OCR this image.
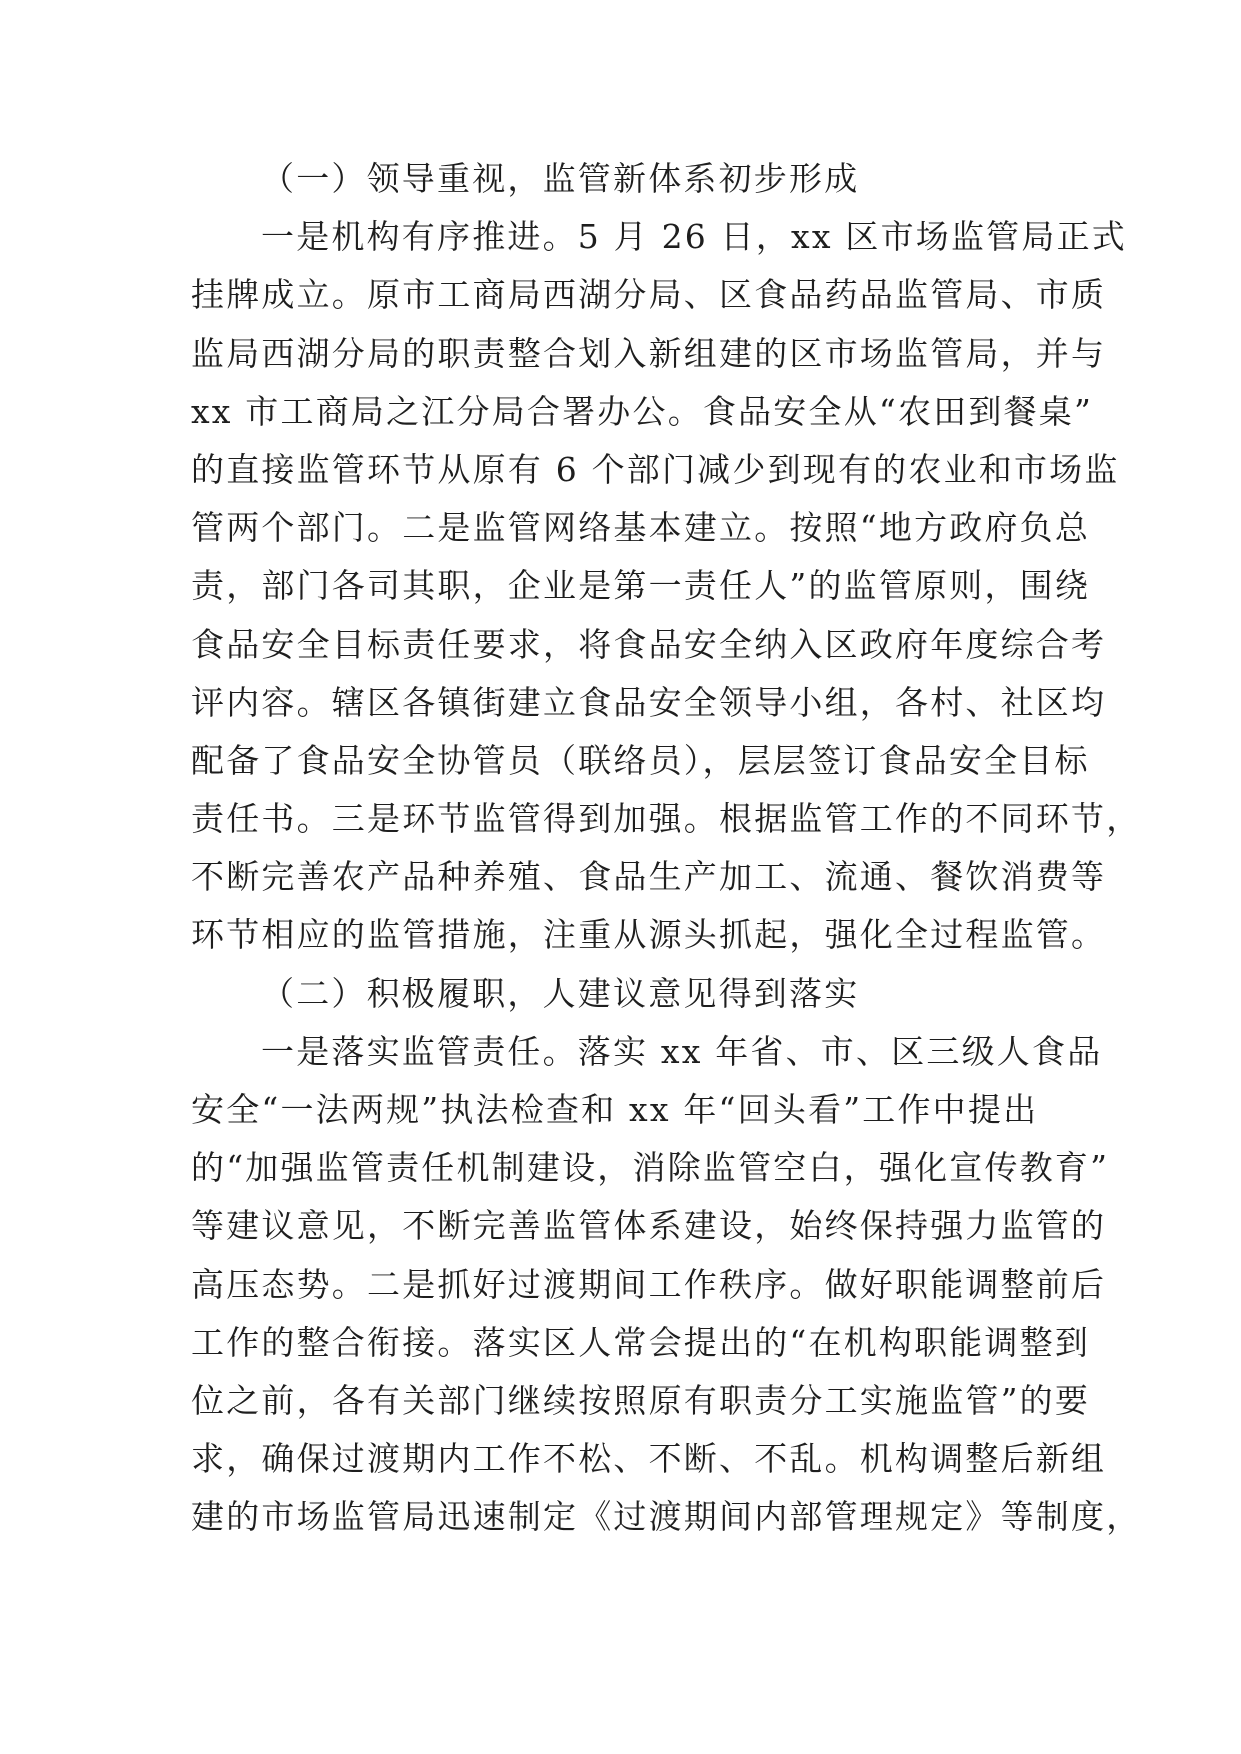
（一）领导重视，监管新体系初步形成
一是机构有序推进。5 月 26 日，xx 区市场监管局正式
挂牌成立。原市工商局西湖分局、区食品药品监管局、市质
监局西湖分局的职责整合划入新组建的区市场监管局，并与
xx 市工商局之江分局合署办公。食品安全从“农田到餐桌”
的直接监管环节从原有 6 个部门减少到现有的农业和市场监
管两个部门。二是监管网络基本建立。按照“地方政府负总
责，部门各司其职，企业是第一责任人”的监管原则，围绕
食品安全目标责任要求，将食品安全纳入区政府年度综合考
评内容。辖区各镇街建立食品安全领导小组，各村、社区均
配备了食品安全协管员（联络员），层层签订食品安全目标
责任书。三是环节监管得到加强。根据监管工作的不同环节，
不断完善农产品种养殖、食品生产加工、流通、餐饮消费等
环节相应的监管措施，注重从源头抓起，强化全过程监管。
（二）积极履职，人建议意见得到落实
一是落实监管责任。落实 xx 年省、市、区三级人食品
安全“一法两规”执法检查和 xx 年“回头看”工作中提出
的“加强监管责任机制建设，消除监管空白，强化宣传教育”
等建议意见，不断完善监管体系建设，始终保持强力监管的
高压态势。二是抓好过渡期间工作秩序。做好职能调整前后
工作的整合衔接。落实区人常会提出的“在机构职能调整到
位之前，各有关部门继续按照原有职责分工实施监管”的要
求，确保过渡期内工作不松、不断、不乱。机构调整后新组
建的市场监管局迅速制定《过渡期间内部管理规定》等制度，
